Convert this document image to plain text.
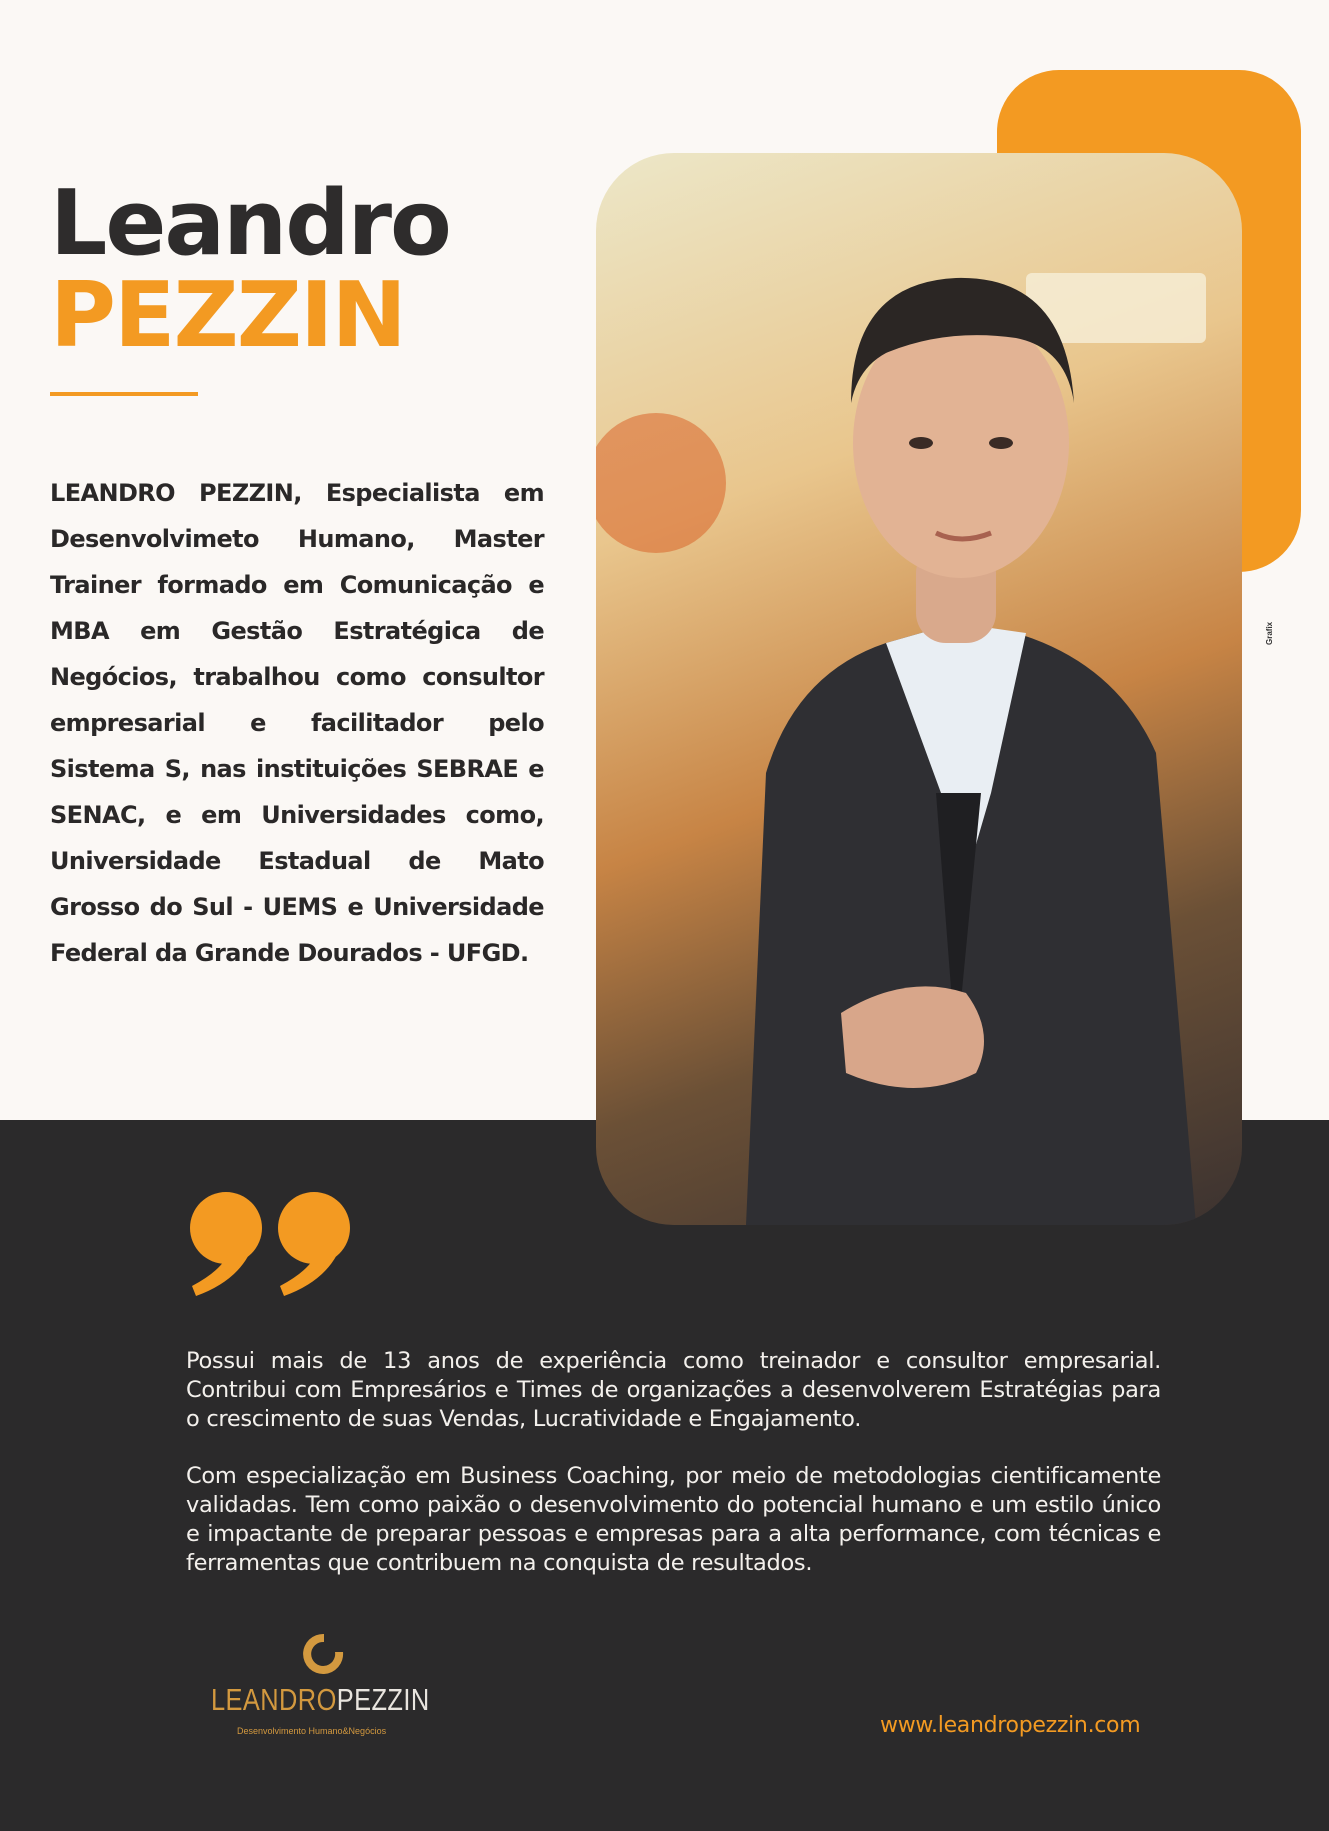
Leandro
PEZZIN

LEANDRO PEZZIN, Especialista em Desenvolvimeto Humano, Master Trainer formado em Comunicação e MBA em Gestão Estratégica de Negócios, trabalhou como consultor empresarial e facilitador pelo Sistema S, nas instituições SEBRAE e SENAC, e em Universidades como, Universidade Estadual de Mato Grosso do Sul - UEMS e Universidade Federal da Grande Dourados - UFGD.

Possui mais de 13 anos de experiência como treinador e consultor empresarial. Contribui com Empresários e Times de organizações a desenvolverem Estratégias para o crescimento de suas Vendas, Lucratividade e Engajamento.

Com especialização em Business Coaching, por meio de metodologias cientificamente validadas. Tem como paixão o desenvolvimento do potencial humano e um estilo único e impactante de preparar pessoas e empresas para a alta performance, com técnicas e ferramentas que contribuem na conquista de resultados.

LEANDROPEZZIN
Desenvolvimento Humano&Negócios	www.leandropezzin.com
Grafix
